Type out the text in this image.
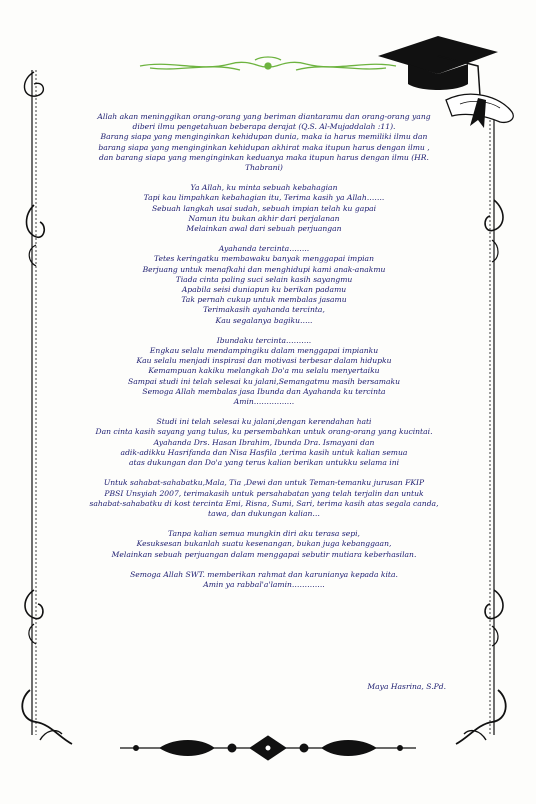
Allah akan meninggikan orang-orang yang beriman diantaramu dan orang-orang yang
diberi ilmu pengetahuan beberapa derajat (Q.S. Al-Mujaddalah :11).
Barang siapa yang menginginkan kehidupan dunia, maka ia harus memiliki ilmu dan
barang siapa yang menginginkan kehidupan akhirat maka itupun harus dengan ilmu ,
dan barang siapa yang menginginkan keduanya maka itupun harus dengan ilmu (HR.
Thabrani)
Ya Allah, ku minta sebuah kebahagian
Tapi kau limpahkan kebahagian itu, Terima kasih ya Allah…….
Sebuah langkah usai sudah, sebuah impian telah ku gapai
Namun itu bukan akhir dari perjalanan
Melainkan awal dari sebuah perjuangan
Ayahanda tercinta……..
Tetes keringatku membawaku banyak menggapai impian
Berjuang untuk menafkahi dan menghidupi kami anak-anakmu
Tiada cinta paling suci selain kasih sayangmu
Apabila seisi duniapun ku berikan padamu
Tak pernah cukup untuk membalas jasamu
Terimakasih ayahanda tercinta,
Kau segalanya bagiku…..
Ibundaku tercinta……….
Engkau selalu mendampingiku dalam menggapai impianku
Kau selalu menjadi inspirasi dan motivasi terbesar dalam hidupku
Kemampuan kakiku melangkah Do'a mu selalu menyertaiku
Sampai studi ini telah selesai ku jalani,Semangatmu masih bersamaku
Semoga Allah membalas jasa Ibunda dan Ayahanda ku tercinta
Amin…………….
Studi ini telah selesai ku jalani,dengan kerendahan hati
Dan cinta kasih sayang yang tulus, ku persembahkan untuk orang-orang yang kucintai.
Ayahanda Drs. Hasan Ibrahim, Ibunda Dra. Ismayani dan
adik-adikku Hasrifanda dan Nisa Hasfila ,terima kasih untuk kalian semua
atas dukungan dan Do'a yang terus kalian berikan untukku selama ini
Untuk sahabat-sahabatku,Mala, Tia ,Dewi dan untuk Teman-temanku jurusan FKIP
PBSI Unsyiah 2007, terimakasih untuk persahabatan yang telah terjalin dan untuk
sahabat-sahabatku di kost tercinta Emi, Risna, Sumi, Sari, terima kasih atas segala canda,
tawa, dan dukungan kalian…
Tanpa kalian semua mungkin diri aku terasa sepi,
Kesuksesan bukanlah suatu kesenangan, bukan juga kebanggaan,
Melainkan sebuah perjuangan dalam menggapai sebutir mutiara keberhasilan.
Semoga Allah SWT. memberikan rahmat dan karunianya kepada kita.
Amin ya rabbal'a'lamin………….
Maya Hasrina, S.Pd.
